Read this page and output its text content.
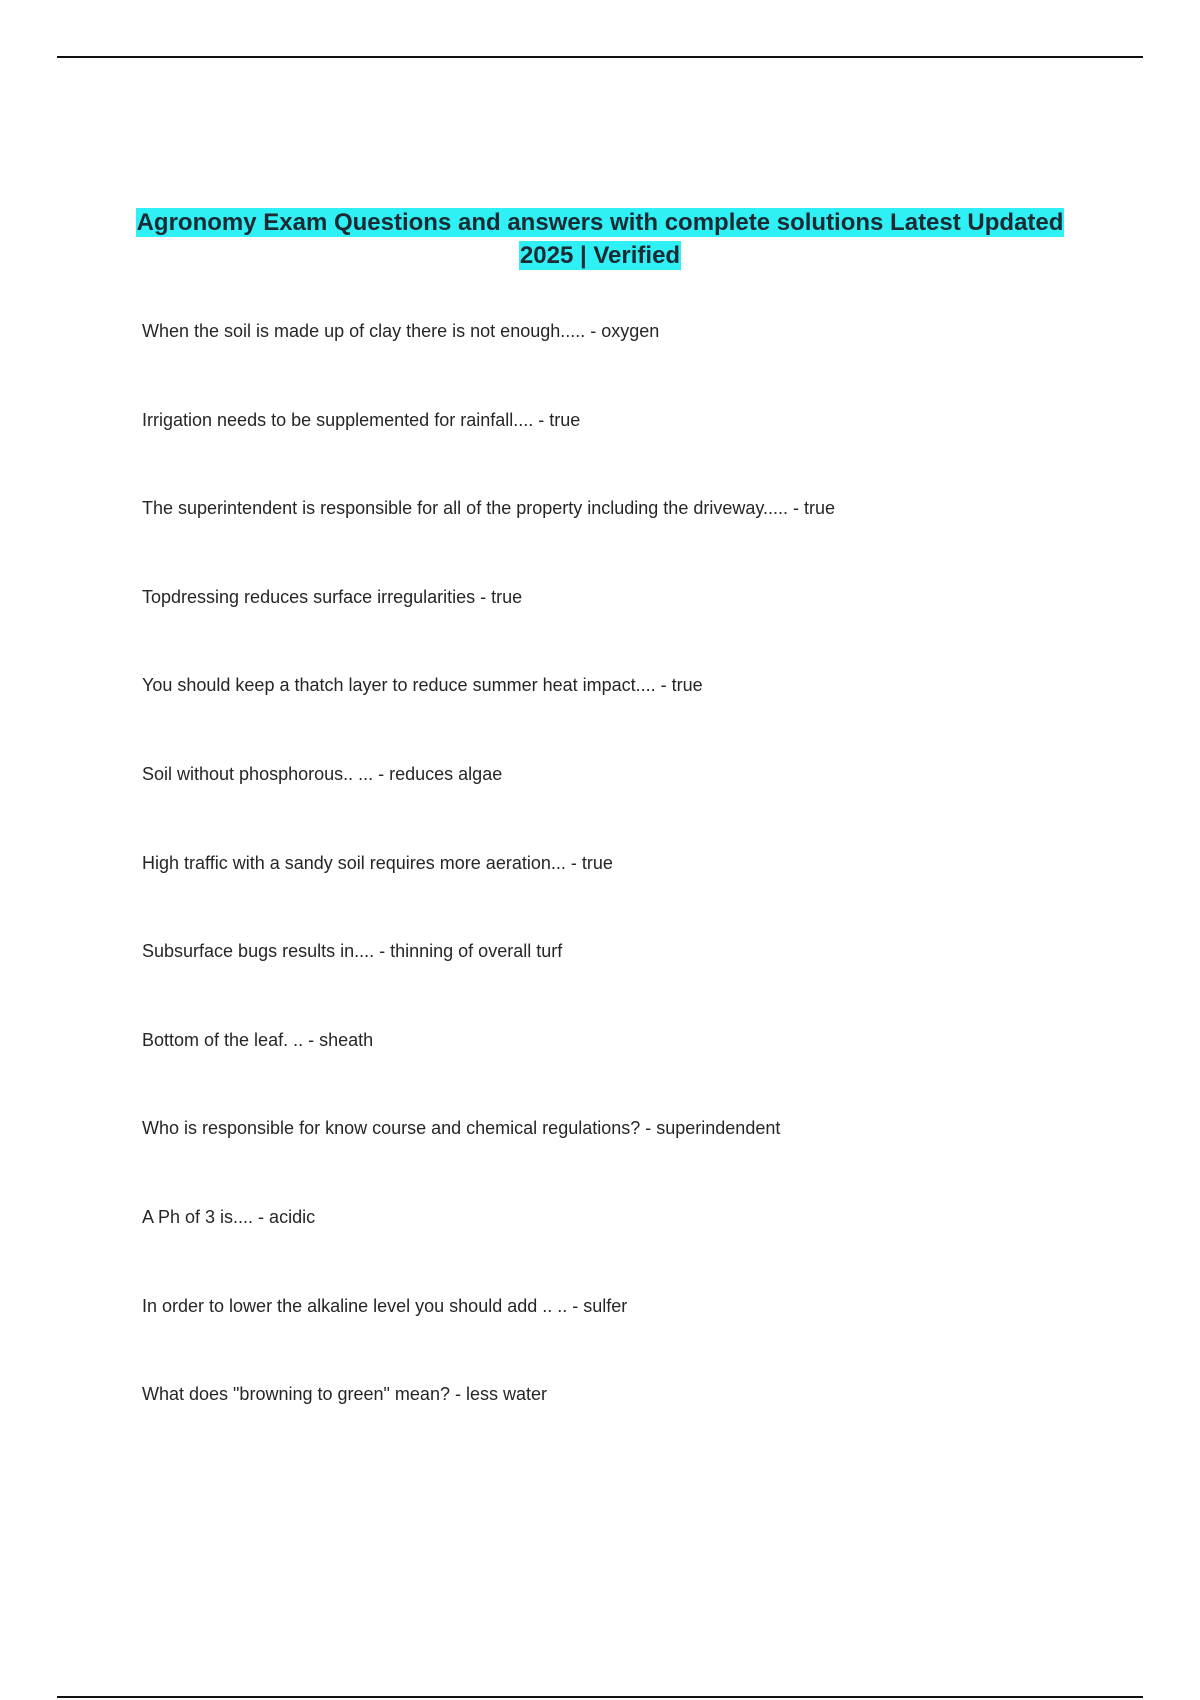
Agronomy Exam Questions and answers with complete solutions Latest Updated
2025 | Verified
When the soil is made up of clay there is not enough..... - oxygen
Irrigation needs to be supplemented for rainfall.... - true
The superintendent is responsible for all of the property including the driveway..... - true
Topdressing reduces surface irregularities - true
You should keep a thatch layer to reduce summer heat impact.... - true
Soil without phosphorous.. ... - reduces algae
High traffic with a sandy soil requires more aeration... - true
Subsurface bugs results in.... - thinning of overall turf
Bottom of the leaf. .. - sheath
Who is responsible for know course and chemical regulations? - superindendent
A Ph of 3 is.... - acidic
In order to lower the alkaline level you should add .. .. - sulfer
What does "browning to green" mean? - less water
